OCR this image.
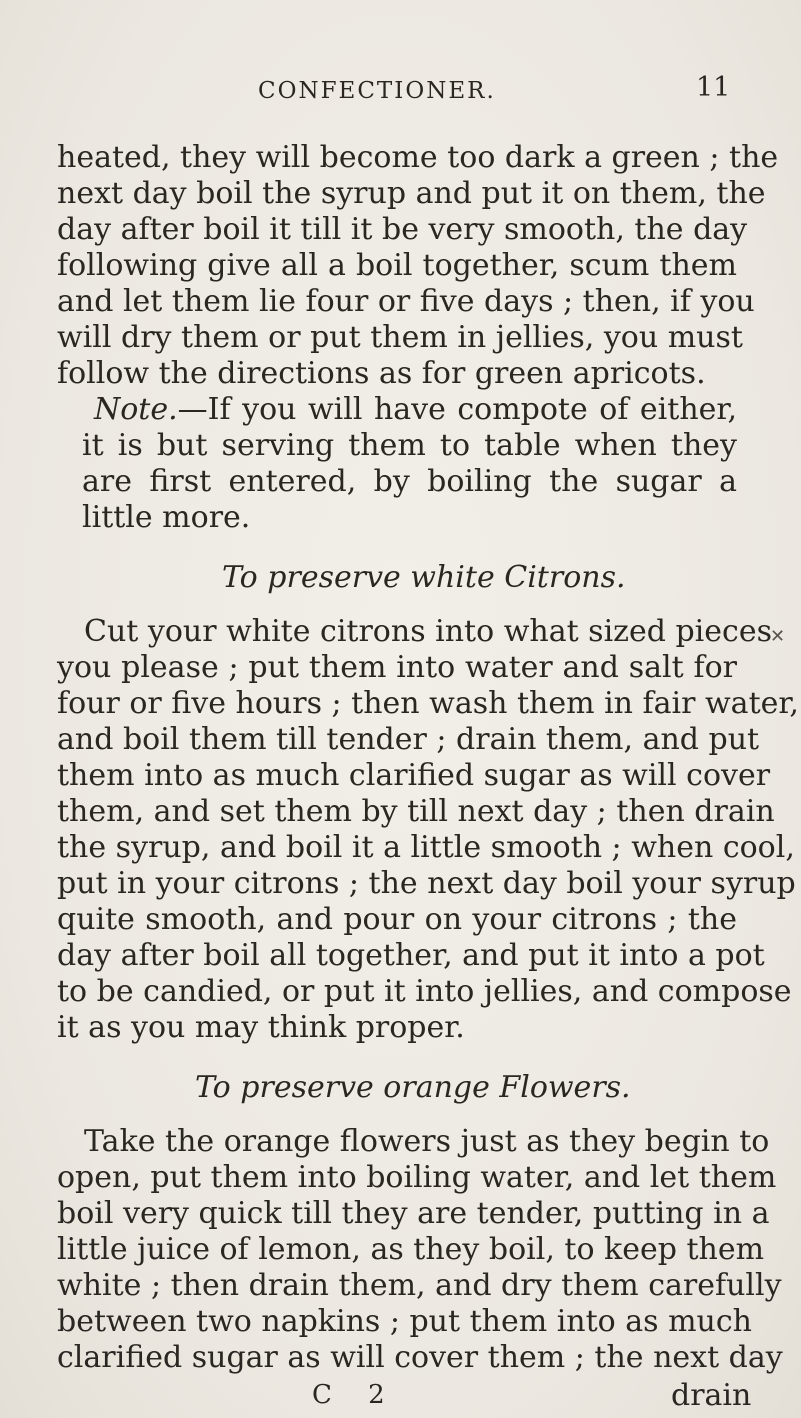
CONFECTIONER.	11
heated, they will become too dark a green ; the
next day boil the syrup and put it on them, the
day after boil it till it be very smooth, the day
following give all a boil together, scum them
and let them lie four or five days ; then, if you
will dry them or put them in jellies, you must
follow the directions as for green apricots.
Note.—If you will have compote of either,
it is but serving them to table when they
are first entered, by boiling the sugar a
little more.
To preserve white Citrons.
Cut your white citrons into what sized pieces
you please ; put them into water and salt for
four or five hours ; then wash them in fair water,
and boil them till tender ; drain them, and put
them into as much clarified sugar as will cover
them, and set them by till next day ; then drain
the syrup, and boil it a little smooth ; when cool,
put in your citrons ; the next day boil your syrup
quite smooth, and pour on your citrons ; the
day after boil all together, and put it into a pot
to be candied, or put it into jellies, and compose
it as you may think proper.
To preserve orange Flowers.
Take the orange flowers just as they begin to
open, put them into boiling water, and let them
boil very quick till they are tender, putting in a
little juice of lemon, as they boil, to keep them
white ; then drain them, and dry them carefully
between two napkins ; put them into as much
clarified sugar as will cover them ; the next day
C 2	drain
✕
